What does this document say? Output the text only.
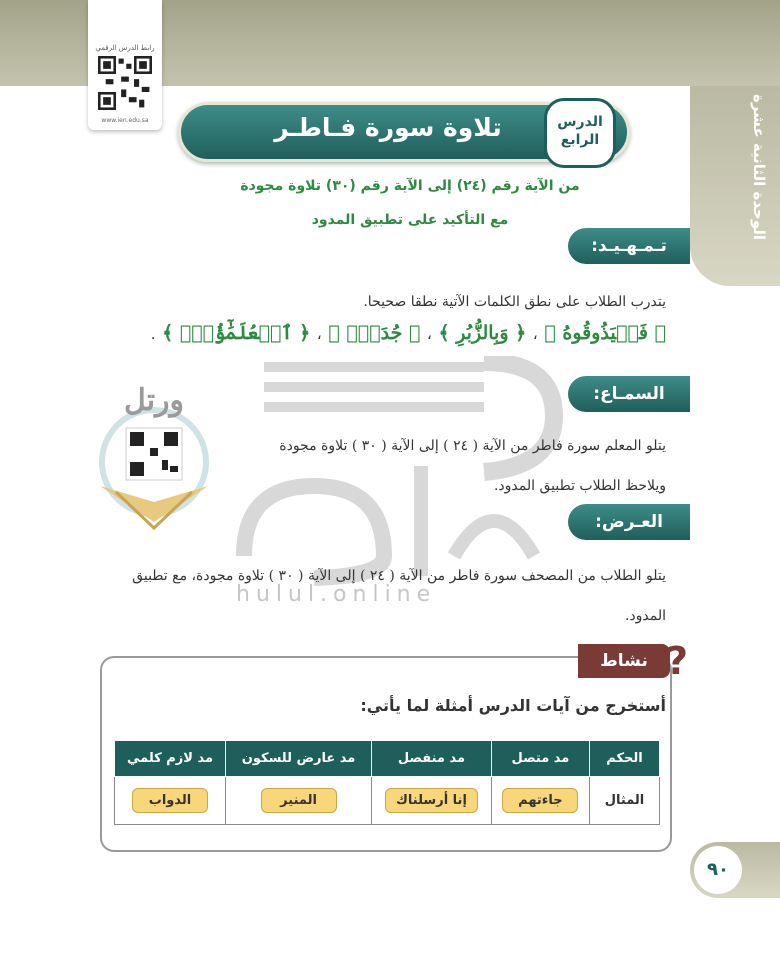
الوحدة الثانية عشرة
رابط الدرس الرقمي
www.ien.edu.sa	تلاوة سورة فـاطـر	الدرس
الرابع
من الآية رقم (٢٤) إلى الآية رقم (٣٠) تلاوة مجودة
مع التأكيد على تطبيق المدود
hulul.online
تـمـهـيـد:
يتدرب الطلاب على نطق الكلمات الآتية نطقا صحيحا.
﴿ فَلۡيَذُوقُوهُ ﴾ ، ﴿ وَبِالزُّبُرِ ﴾ ، ﴿ جُدَدُۢ ﴾ ، ﴿ ٱلۡعُلَمَٰٓؤُاْۗ ﴾ .
السمـاع:
يتلو المعلم سورة فاطر من الآية ( ٢٤ ) إلى الآية ( ٣٠ ) تلاوة مجودة
ويلاحظ الطلاب تطبيق المدود.
ورتل
العـرض:
يتلو الطلاب من المصحف سورة فاطر من الآية ( ٢٤ ) إلى الآية ( ٣٠ ) تلاوة مجودة، مع تطبيق
المدود.
نشاط ?
أستخرج من آيات الدرس أمثلة لما يأتي:
الحكم	مد متصل	مد منفصل	مد عارض للسكون	مد لازم كلمي
المثال	جاءتهم	إنا أرسلناك	المنير	الدواب
٩٠
